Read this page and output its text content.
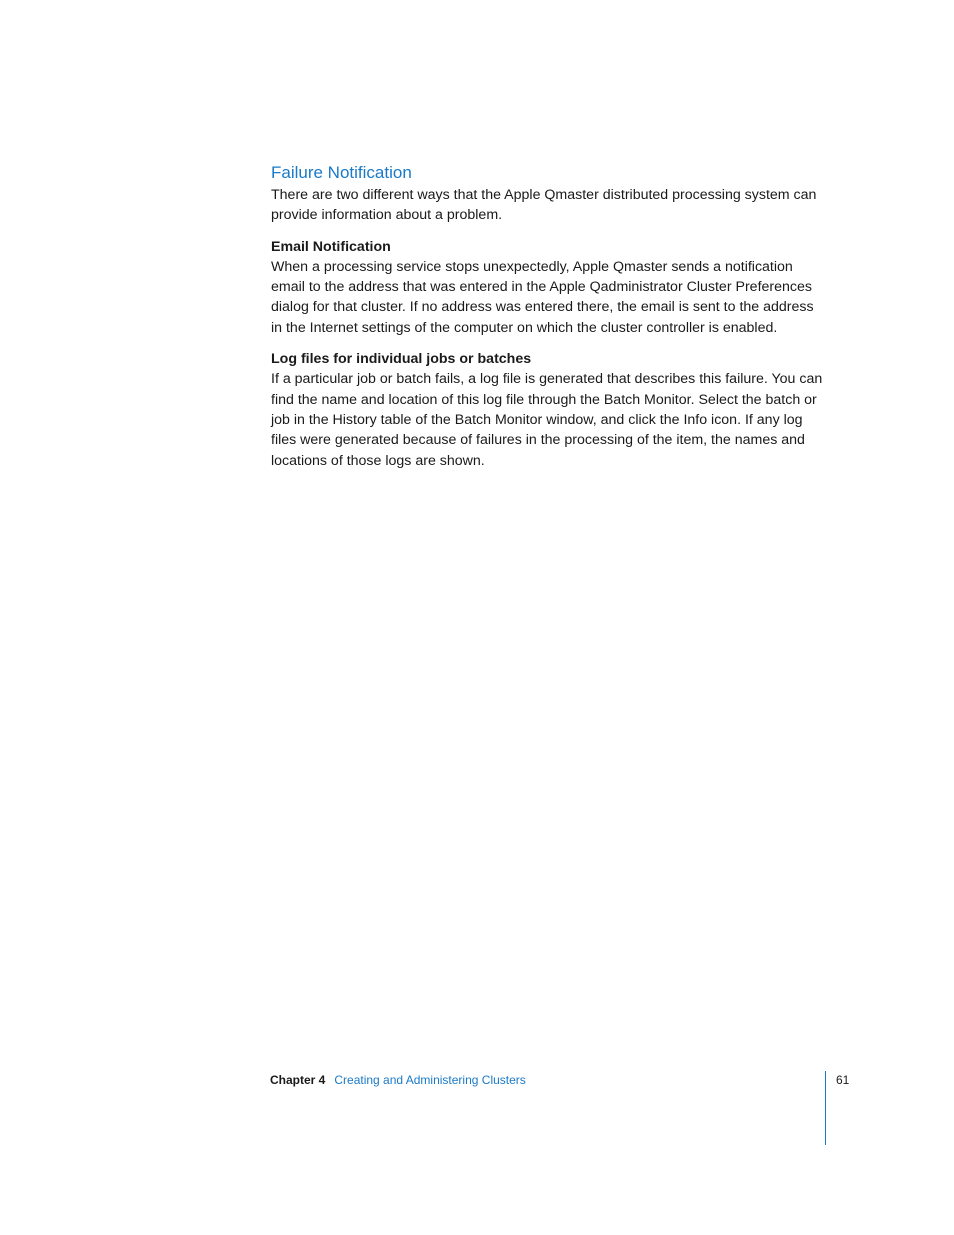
Failure Notification

There are two different ways that the Apple Qmaster distributed processing system can provide information about a problem.

Email Notification

When a processing service stops unexpectedly, Apple Qmaster sends a notification email to the address that was entered in the Apple Qadministrator Cluster Preferences dialog for that cluster. If no address was entered there, the email is sent to the address in the Internet settings of the computer on which the cluster controller is enabled.

Log files for individual jobs or batches

If a particular job or batch fails, a log file is generated that describes this failure. You can find the name and location of this log file through the Batch Monitor. Select the batch or job in the History table of the Batch Monitor window, and click the Info icon. If any log files were generated because of failures in the processing of the item, the names and locations of those logs are shown.

Chapter 4 Creating and Administering Clusters	61
